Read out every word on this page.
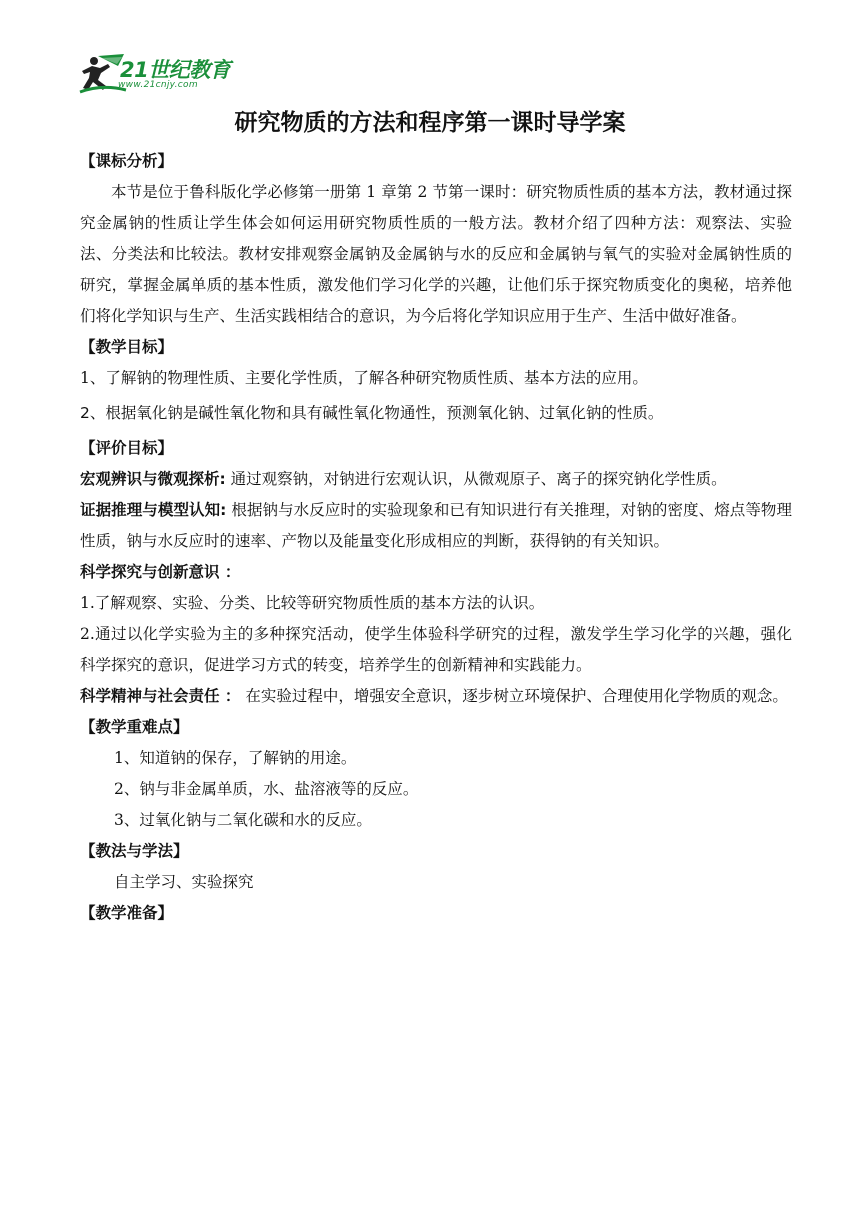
21世纪教育
www.21cnjy.com
研究物质的方法和程序第一课时导学案
【课标分析】
本节是位于鲁科版化学必修第一册第 1 章第 2 节第一课时：研究物质性质的基本方法，教材通过探究金属钠的性质让学生体会如何运用研究物质性质的一般方法。教材介绍了四种方法：观察法、实验法、分类法和比较法。教材安排观察金属钠及金属钠与水的反应和金属钠与氧气的实验对金属钠性质的研究，掌握金属单质的基本性质，激发他们学习化学的兴趣，让他们乐于探究物质变化的奥秘，培养他们将化学知识与生产、生活实践相结合的意识，为今后将化学知识应用于生产、生活中做好准备。
【教学目标】
1、了解钠的物理性质、主要化学性质，了解各种研究物质性质、基本方法的应用。
2、根据氧化钠是碱性氧化物和具有碱性氧化物通性，预测氧化钠、过氧化钠的性质。
【评价目标】
宏观辨识与微观探析: 通过观察钠，对钠进行宏观认识，从微观原子、离子的探究钠化学性质。
证据推理与模型认知: 根据钠与水反应时的实验现象和已有知识进行有关推理，对钠的密度、熔点等物理性质，钠与水反应时的速率、产物以及能量变化形成相应的判断，获得钠的有关知识。
科学探究与创新意识 ：
1.了解观察、实验、分类、比较等研究物质性质的基本方法的认识。
2.通过以化学实验为主的多种探究活动，使学生体验科学研究的过程，激发学生学习化学的兴趣，强化科学探究的意识，促进学习方式的转变，培养学生的创新精神和实践能力。
科学精神与社会责任 ： 在实验过程中，增强安全意识，逐步树立环境保护、合理使用化学物质的观念。
【教学重难点】
1、知道钠的保存，了解钠的用途。
2、钠与非金属单质，水、盐溶液等的反应。
3、过氧化钠与二氧化碳和水的反应。
【教法与学法】
自主学习、实验探究
【教学准备】
